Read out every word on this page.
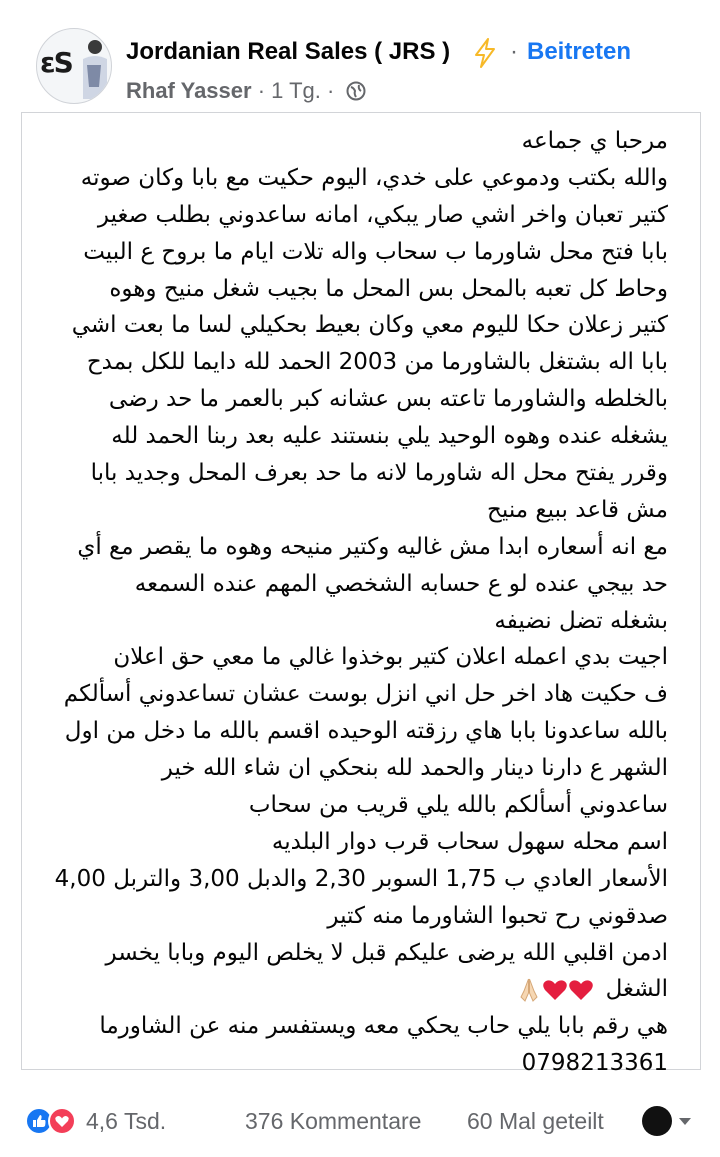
ɛS Jordanian Real Sales ( JRS ) · Beitreten
Rhaf Yasser · 1 Tg. ·
مرحبا ي جماعه
والله بكتب ودموعي على خدي، اليوم حكيت مع بابا وكان صوته
كتير تعبان واخر اشي صار يبكي، امانه ساعدوني بطلب صغير
بابا فتح محل شاورما ب سحاب واله تلات ايام ما بروح ع البيت
وحاط كل تعبه بالمحل بس المحل ما بجيب شغل منيح وهوه
كتير زعلان حكا لليوم معي وكان بعيط بحكيلي لسا ما بعت اشي
بابا اله بشتغل بالشاورما من 2003 الحمد لله دايما للكل بمدح
بالخلطه والشاورما تاعته بس عشانه كبر بالعمر ما حد رضى
يشغله عنده وهوه الوحيد يلي بنستند عليه بعد ربنا الحمد لله
وقرر يفتح محل اله شاورما لانه ما حد بعرف المحل وجديد بابا
مش قاعد ببيع منيح
مع انه أسعاره ابدا مش غاليه وكتير منيحه وهوه ما يقصر مع أي
حد بيجي عنده لو ع حسابه الشخصي المهم عنده السمعه
بشغله تضل نضيفه
اجيت بدي اعمله اعلان كتير بوخذوا غالي ما معي حق اعلان
ف حكيت هاد اخر حل اني انزل بوست عشان تساعدوني أسألكم
بالله ساعدونا بابا هاي رزقته الوحيده اقسم بالله ما دخل من اول
الشهر ع دارنا دينار والحمد لله بنحكي ان شاء الله خير
ساعدوني أسألكم بالله يلي قريب من سحاب
اسم محله سهول سحاب قرب دوار البلديه
الأسعار العادي ب 1,75 السوبر 2,30 والدبل 3,00 والتربل 4,00
صدقوني رح تحبوا الشاورما منه كتير
ادمن اقلبي الله يرضى عليكم قبل لا يخلص اليوم وبابا يخسر
الشغل
هي رقم بابا يلي حاب يحكي معه ويستفسر منه عن الشاورما
0798213361
4,6 Tsd.	376 Kommentare 60 Mal geteilt
